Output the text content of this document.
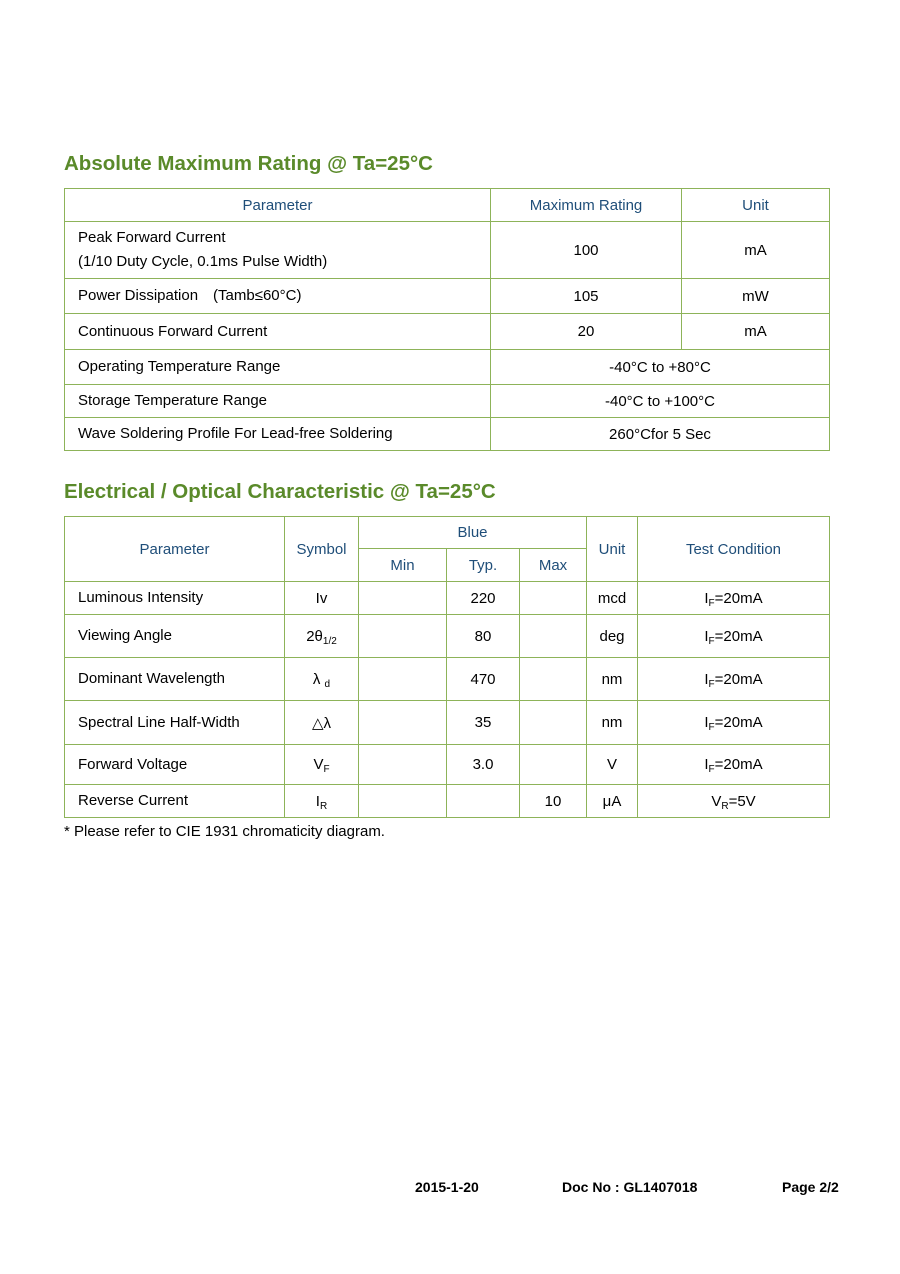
Absolute Maximum Rating @ Ta=25°C
Parameter	Maximum Rating	Unit

Peak Forward Current
(1/10 Duty Cycle, 0.1ms Pulse Width)	100	mA
Power Dissipation (Tamb≤60°C)	105	mW
Continuous Forward Current	20	mA
Operating Temperature Range	-40°C to +80°C	
Storage Temperature Range	-40°C to +100°C	
Wave Soldering Profile For Lead-free Soldering	260°Cfor 5 Sec	
Electrical / Optical Characteristic @ Ta=25°C
Parameter	Symbol	Blue			Unit	Test Condition
		Min	Typ.	Max		
Luminous Intensity	Iv		220		mcd	$I_F=20mA$
Viewing Angle	$2\theta_{1/2}$		80		deg	$I_F=20mA$
Dominant Wavelength	λ $_d$		470		nm	$I_F=20mA$
Spectral Line Half-Width	△λ		35		nm	$I_F=20mA$
Forward Voltage	$V_F$		3.0		V	$I_F=20mA$
Reverse Current	$I_R$			10	μA	$V_R=5V$
* Please refer to CIE 1931 chromaticity diagram.
2015-1-20	Doc No : GL1407018	Page 2/2
